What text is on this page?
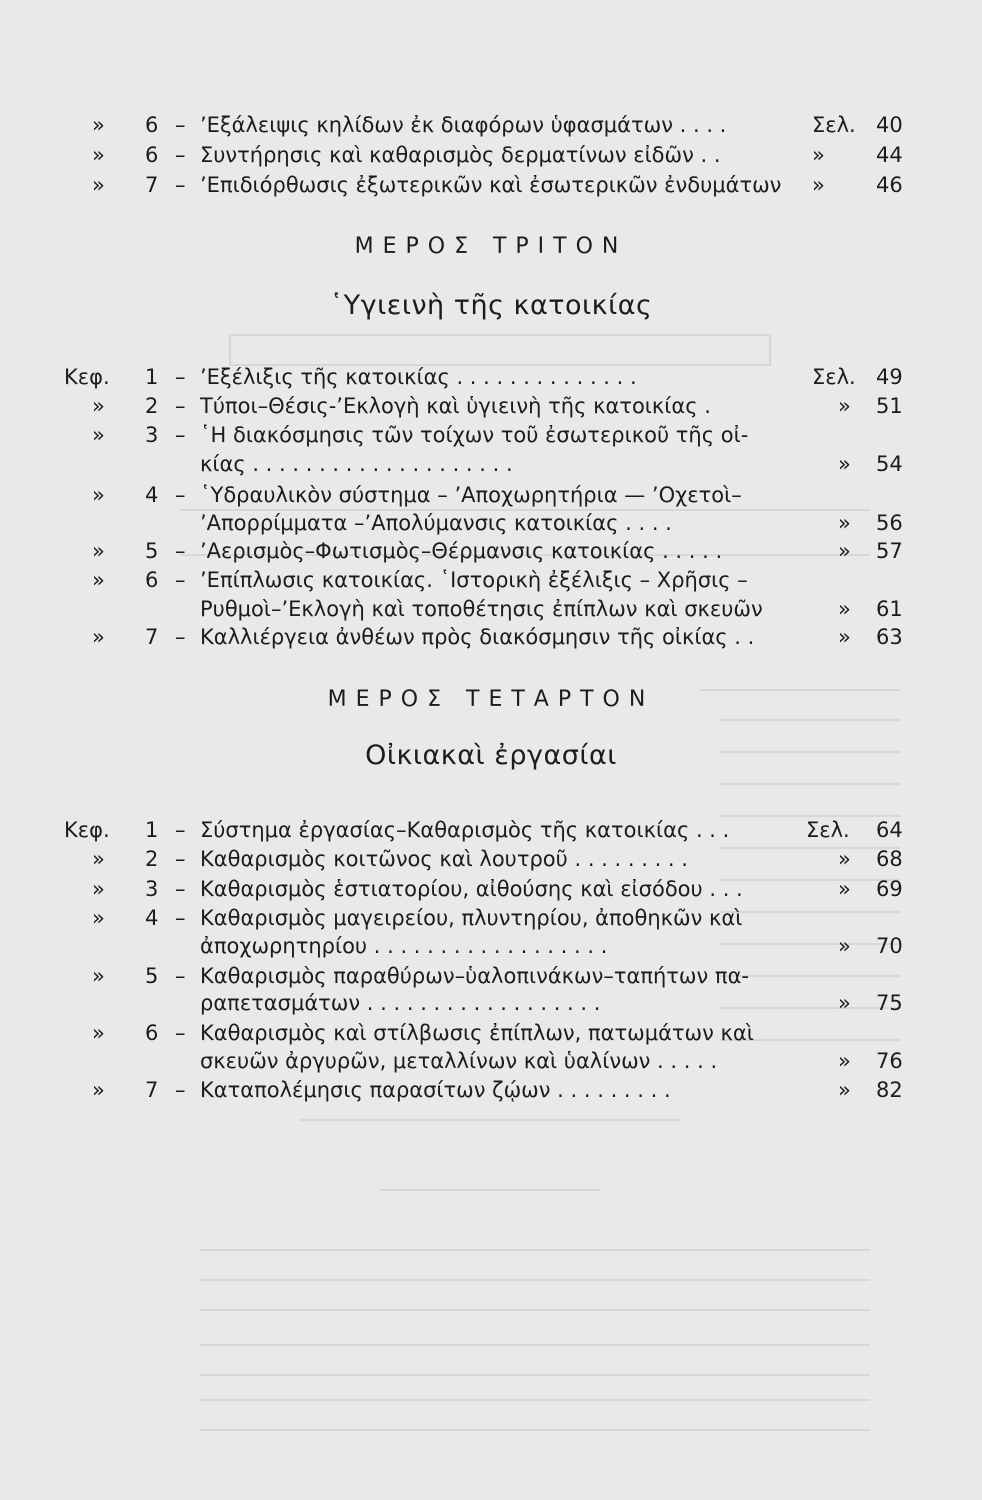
» 6 – ’Εξάλειψις κηλίδων ἐκ διαφόρων ὑφασμάτων . . . .	Σελ. 40
» 6 – Συντήρησις καὶ καθαρισμὸς δερματίνων εἰδῶν . .	» 44
» 7 – ’Επιδιόρθωσις ἐξωτερικῶν καὶ ἐσωτερικῶν ἐνδυμάτων » 46
ΜΕΡΟΣ ΤΡΙΤΟΝ
῾Υγιεινὴ τῆς κατοικίας
Κεφ. 1 – ’Εξέλιξις τῆς κατοικίας . . . . . . . . . . . . . .	Σελ. 49
» 2 – Τύποι–Θέσις-’Εκλογὴ καὶ ὑγιεινὴ τῆς κατοικίας .	» 51
» 3 – ῾Η διακόσμησις τῶν τοίχων τοῦ ἐσωτερικοῦ τῆς οἰ-
κίας . . . . . . . . . . . . . . . . . . . .	» 54
» 4 – ῾Υδραυλικὸν σύστημα – ’Αποχωρητήρια — ’Οχετοὶ–
’Απορρίμματα –’Απολύμανσις κατοικίας . . . .	» 56
» 5 – ’Αερισμὸς–Φωτισμὸς–Θέρμανσις κατοικίας . . . . .	» 57
» 6 – ’Επίπλωσις κατοικίας. ῾Ιστορικὴ ἐξέλιξις – Χρῆσις –
Ρυθμοὶ–’Εκλογὴ καὶ τοποθέτησις ἐπίπλων καὶ σκευῶν	» 61
» 7 – Καλλιέργεια ἀνθέων πρὸς διακόσμησιν τῆς οἰκίας . .	» 63
ΜΕΡΟΣ ΤΕΤΑΡΤΟΝ
Οἰκιακαὶ ἐργασίαι
Κεφ. 1 – Σύστημα ἐργασίας–Καθαρισμὸς τῆς κατοικίας . . .	Σελ. 64
» 2 – Καθαρισμὸς κοιτῶνος καὶ λουτροῦ . . . . . . . . .	» 68
» 3 – Καθαρισμὸς ἑστιατορίου, αἰθούσης καὶ εἰσόδου . . .	» 69
» 4 – Καθαρισμὸς μαγειρείου, πλυντηρίου, ἀποθηκῶν καὶ
ἀποχωρητηρίου . . . . . . . . . . . . . . . . . .	» 70
» 5 – Καθαρισμὸς παραθύρων–ὑαλοπινάκων–ταπήτων πα-
ραπετασμάτων . . . . . . . . . . . . . . . . . .	» 75
» 6 – Καθαρισμὸς καὶ στίλβωσις ἐπίπλων, πατωμάτων καὶ
σκευῶν ἀργυρῶν, μεταλλίνων καὶ ὑαλίνων . . . . .	» 76
» 7 – Καταπολέμησις παρασίτων ζῴων . . . . . . . . .	» 82
